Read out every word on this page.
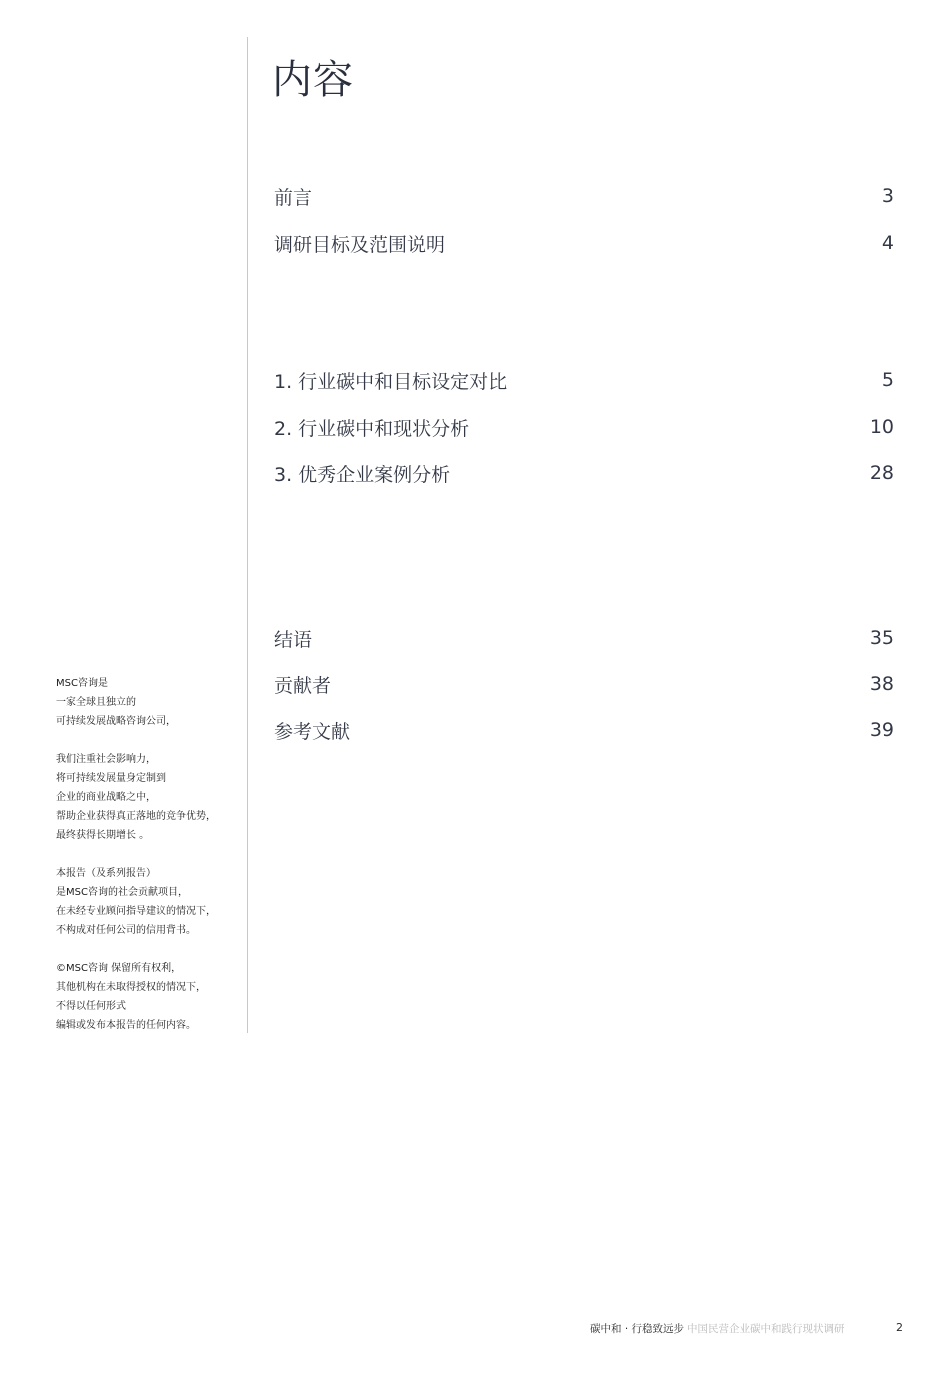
内容
前言	3
调研目标及范围说明	4
1. 行业碳中和目标设定对比	5
2. 行业碳中和现状分析	10
3. 优秀企业案例分析	28
结语	35
贡献者	38
参考文献	39

MSC咨询是
一家全球且独立的
可持续发展战略咨询公司，

我们注重社会影响力，
将可持续发展量身定制到
企业的商业战略之中，
帮助企业获得真正落地的竞争优势，
最终获得长期增长 。

本报告（及系列报告）
是MSC咨询的社会贡献项目，
在未经专业顾问指导建议的情况下，
不构成对任何公司的信用背书。

©MSC咨询 保留所有权利，
其他机构在未取得授权的情况下，
不得以任何形式
编辑或发布本报告的任何内容。

碳中和 · 行稳致远步 中国民营企业碳中和践行现状调研	2
